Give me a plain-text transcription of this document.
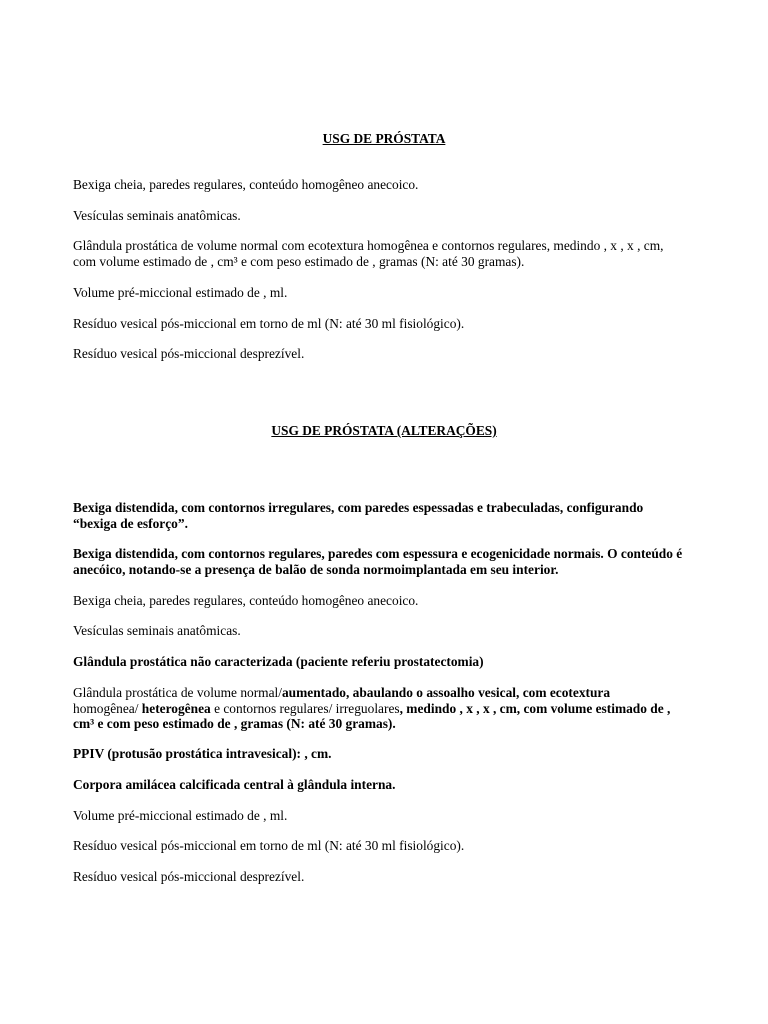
USG DE PRÓSTATA

Bexiga cheia, paredes regulares, conteúdo homogêneo anecoico.

Vesículas seminais anatômicas.

Glândula prostática de volume normal com ecotextura homogênea e contornos regulares, medindo , x , x , cm, com volume estimado de , cm³ e com peso estimado de , gramas (N: até 30 gramas).

Volume pré-miccional estimado de , ml.

Resíduo vesical pós-miccional em torno de ml (N: até 30 ml fisiológico).

Resíduo vesical pós-miccional desprezível.

USG DE PRÓSTATA (ALTERAÇÕES)

Bexiga distendida, com contornos irregulares, com paredes espessadas e trabeculadas, configurando “bexiga de esforço”.

Bexiga distendida, com contornos regulares, paredes com espessura e ecogenicidade normais. O conteúdo é anecóico, notando-se a presença de balão de sonda normoimplantada em seu interior.

Bexiga cheia, paredes regulares, conteúdo homogêneo anecoico.

Vesículas seminais anatômicas.

Glândula prostática não caracterizada (paciente referiu prostatectomia)

Glândula prostática de volume normal/aumentado, abaulando o assoalho vesical, com ecotextura
homogênea/ heterogênea e contornos regulares/ irreguolares, medindo , x , x , cm, com volume estimado de , cm³ e com peso estimado de , gramas (N: até 30 gramas).

PPIV (protusão prostática intravesical): , cm.

Corpora amilácea calcificada central à glândula interna.

Volume pré-miccional estimado de , ml.

Resíduo vesical pós-miccional em torno de ml (N: até 30 ml fisiológico).

Resíduo vesical pós-miccional desprezível.
